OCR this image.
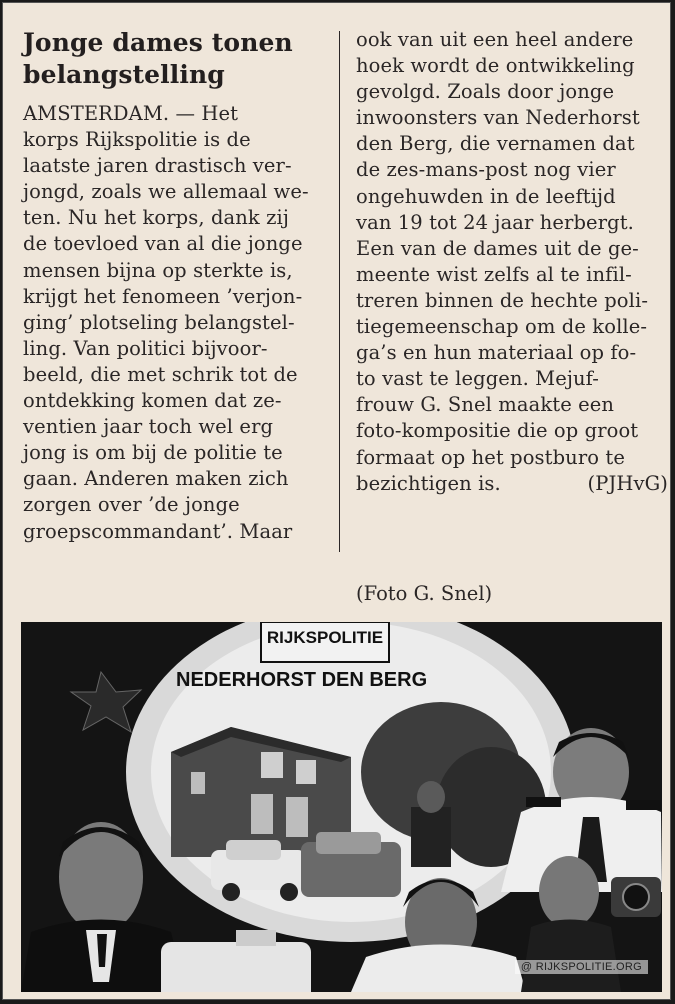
Jonge dames tonen
belangstelling
AMSTERDAM. — Het
korps Rijkspolitie is de
laatste jaren drastisch ver-
jongd, zoals we allemaal we-
ten. Nu het korps, dank zij
de toevloed van al die jonge
mensen bijna op sterkte is,
krijgt het fenomeen ’verjon-
ging’ plotseling belangstel-
ling. Van politici bijvoor-
beeld, die met schrik tot de
ontdekking komen dat ze-
ventien jaar toch wel erg
jong is om bij de politie te
gaan. Anderen maken zich
zorgen over ’de jonge
groepscommandant’. Maar
ook van uit een heel andere
hoek wordt de ontwikkeling
gevolgd. Zoals door jonge
inwoonsters van Nederhorst
den Berg, die vernamen dat
de zes-mans-post nog vier
ongehuwden in de leeftijd
van 19 tot 24 jaar herbergt.
Een van de dames uit de ge-
meente wist zelfs al te infil-
treren binnen de hechte poli-
tiegemeenschap om de kolle-
ga’s en hun materiaal op fo-
to vast te leggen. Mejuf-
frouw G. Snel maakte een
foto-kompositie die op groot
formaat op het postburo te
bezichtigen is.	(PJHvG)
(Foto G. Snel)
RIJKSPOLITIE
NEDERHORST DEN BERG
@ RIJKSPOLITIE.ORG
